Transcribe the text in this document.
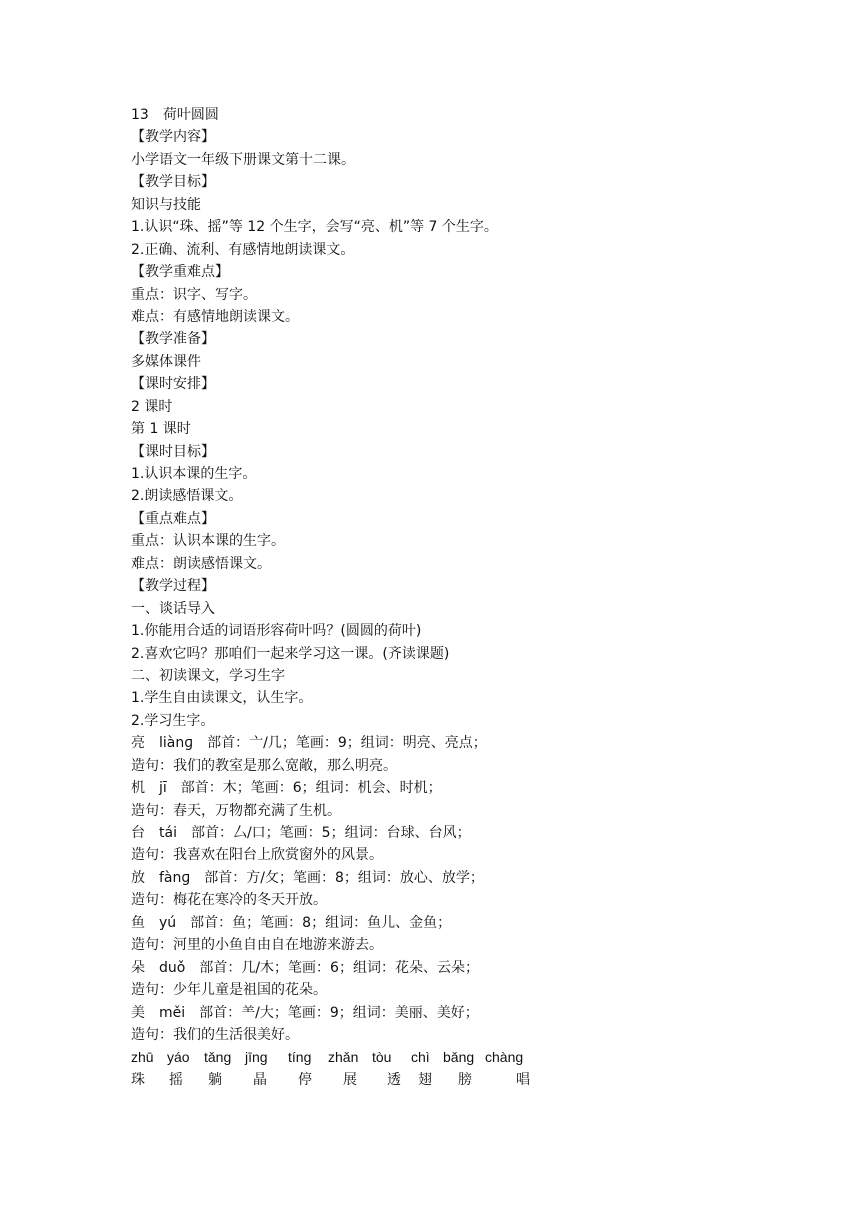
13　荷叶圆圆
【教学内容】
小学语文一年级下册课文第十二课。
【教学目标】
知识与技能
1.认识“珠、摇”等 12 个生字，会写“亮、机”等 7 个生字。
2.正确、流利、有感情地朗读课文。
【教学重难点】
重点：识字、写字。
难点：有感情地朗读课文。
【教学准备】
多媒体课件
【课时安排】
2 课时
第 1 课时
【课时目标】
1.认识本课的生字。
2.朗读感悟课文。
【重点难点】
重点：认识本课的生字。
难点：朗读感悟课文。
【教学过程】
一、谈话导入
1.你能用合适的词语形容荷叶吗？(圆圆的荷叶)
2.喜欢它吗？那咱们一起来学习这一课。(齐读课题)
二、初读课文，学习生字
1.学生自由读课文，认生字。
2.学习生字。
亮　liànɡ　部首：亠/几；笔画：9；组词：明亮、亮点；
造句：我们的教室是那么宽敞，那么明亮。
机　jī　部首：木；笔画：6；组词：机会、时机；
造句：春天，万物都充满了生机。
台　tái　部首：厶/口；笔画：5；组词：台球、台风；
造句：我喜欢在阳台上欣赏窗外的风景。
放　fànɡ　部首：方/攵；笔画：8；组词：放心、放学；
造句：梅花在寒冷的冬天开放。
鱼　yú　部首：鱼；笔画：8；组词：鱼儿、金鱼；
造句：河里的小鱼自由自在地游来游去。
朵　duǒ　部首：几/木；笔画：6；组词：花朵、云朵；
造句：少年儿童是祖国的花朵。
美　měi　部首：⺷/大；笔画：9；组词：美丽、美好；
造句：我们的生活很美好。
zhū yáo tǎng jīng tíng zhǎn tòu chì bǎng chàng
珠 摇 躺 晶 停 展 透 翅 膀	唱
